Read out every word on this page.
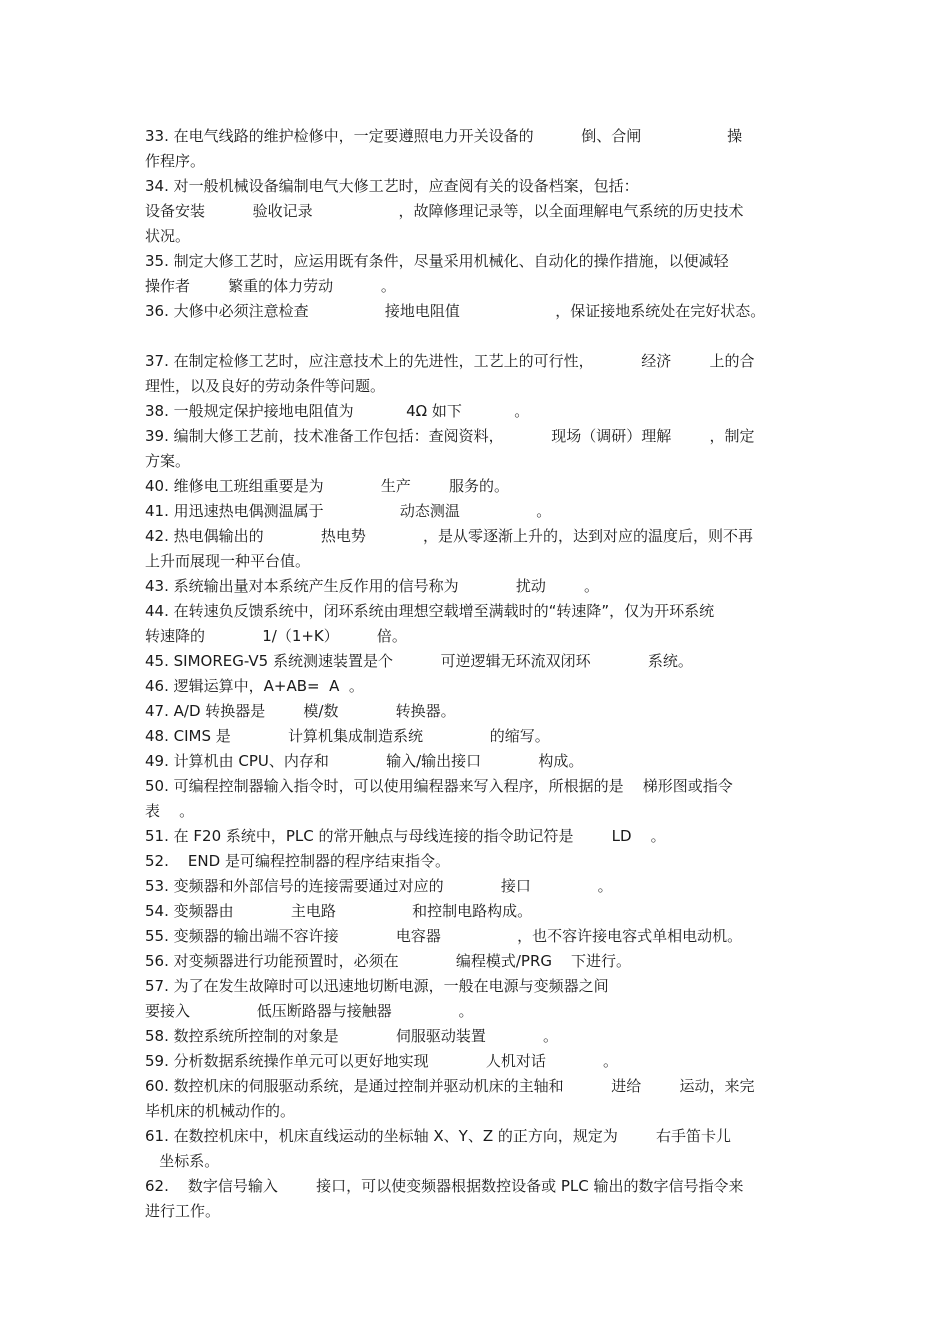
33. 在电气线路的维护检修中，一定要遵照电力开关设备的          倒、合闸                  操
作程序。
34. 对一般机械设备编制电气大修工艺时，应查阅有关的设备档案，包括：
设备安装          验收记录                  ，故障修理记录等，以全面理解电气系统的历史技术
状况。
35. 制定大修工艺时，应运用既有条件，尽量采用机械化、自动化的操作措施，以便减轻
操作者        繁重的体力劳动          。
36. 大修中必须注意检查                接地电阻值                    ，保证接地系统处在完好状态。
37. 在制定检修工艺时，应注意技术上的先进性，工艺上的可行性，          经济        上的合
理性，以及良好的劳动条件等问题。
38. 一般规定保护接地电阻值为           4Ω 如下           。
39. 编制大修工艺前，技术准备工作包括：查阅资料，          现场（调研）理解        ，制定
方案。
40. 维修电工班组重要是为            生产        服务的。
41. 用迅速热电偶测温属于                动态测温                。
42. 热电偶输出的            热电势            ，是从零逐渐上升的，达到对应的温度后，则不再
上升而展现一种平台值。
43. 系统输出量对本系统产生反作用的信号称为            扰动        。
44. 在转速负反馈系统中，闭环系统由理想空载增至满载时的“转速降”，仅为开环系统
转速降的            1/（1+K）        倍。
45. SIMOREG-V5 系统测速装置是个          可逆逻辑无环流双闭环            系统。
46. 逻辑运算中，A+AB=  A  。
47. A/D 转换器是        模/数            转换器。
48. CIMS 是            计算机集成制造系统              的缩写。
49. 计算机由 CPU、内存和            输入/输出接口            构成。
50. 可编程控制器输入指令时，可以使用编程器来写入程序，所根据的是    梯形图或指令
表    。
51. 在 F20 系统中，PLC 的常开触点与母线连接的指令助记符是        LD    。
52.    END 是可编程控制器的程序结束指令。
53. 变频器和外部信号的连接需要通过对应的            接口              。
54. 变频器由            主电路                和控制电路构成。
55. 变频器的输出端不容许接            电容器                ，也不容许接电容式单相电动机。
56. 对变频器进行功能预置时，必须在            编程模式/PRG    下进行。
57. 为了在发生故障时可以迅速地切断电源，一般在电源与变频器之间
要接入              低压断路器与接触器              。
58. 数控系统所控制的对象是            伺服驱动装置            。
59. 分析数据系统操作单元可以更好地实现            人机对话            。
60. 数控机床的伺服驱动系统，是通过控制并驱动机床的主轴和          进给        运动，来完
毕机床的机械动作的。
61. 在数控机床中，机床直线运动的坐标轴 X、Y、Z 的正方向，规定为        右手笛卡儿
坐标系。
62.    数字信号输入        接口，可以使变频器根据数控设备或 PLC 输出的数字信号指令来
进行工作。
